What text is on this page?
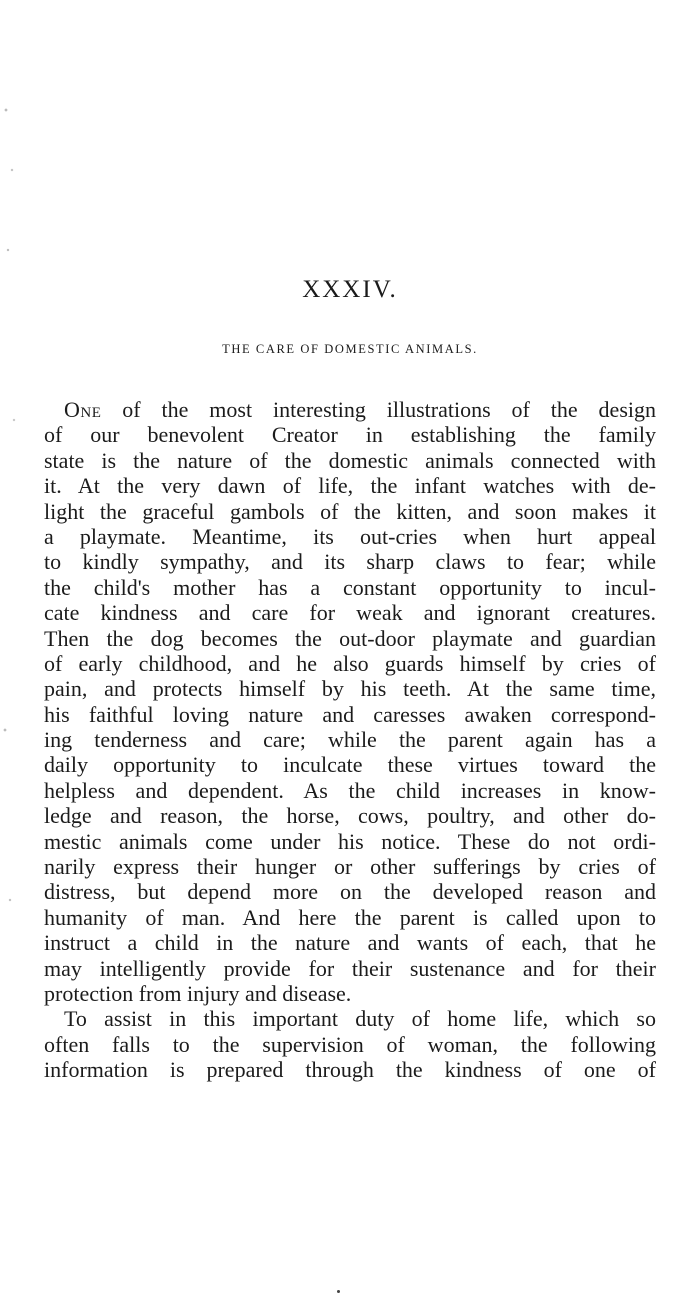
XXXIV.
THE CARE OF DOMESTIC ANIMALS.
One of the most interesting illustrations of the design
of our benevolent Creator in establishing the family
state is the nature of the domestic animals connected with
it. At the very dawn of life, the infant watches with de-
light the graceful gambols of the kitten, and soon makes it
a playmate. Meantime, its out-cries when hurt appeal
to kindly sympathy, and its sharp claws to fear; while
the child's mother has a constant opportunity to incul-
cate kindness and care for weak and ignorant creatures.
Then the dog becomes the out-door playmate and guardian
of early childhood, and he also guards himself by cries of
pain, and protects himself by his teeth. At the same time,
his faithful loving nature and caresses awaken correspond-
ing tenderness and care; while the parent again has a
daily opportunity to inculcate these virtues toward the
helpless and dependent. As the child increases in know-
ledge and reason, the horse, cows, poultry, and other do-
mestic animals come under his notice. These do not ordi-
narily express their hunger or other sufferings by cries of
distress, but depend more on the developed reason and
humanity of man. And here the parent is called upon to
instruct a child in the nature and wants of each, that he
may intelligently provide for their sustenance and for their
protection from injury and disease.
To assist in this important duty of home life, which so
often falls to the supervision of woman, the following
information is prepared through the kindness of one of
